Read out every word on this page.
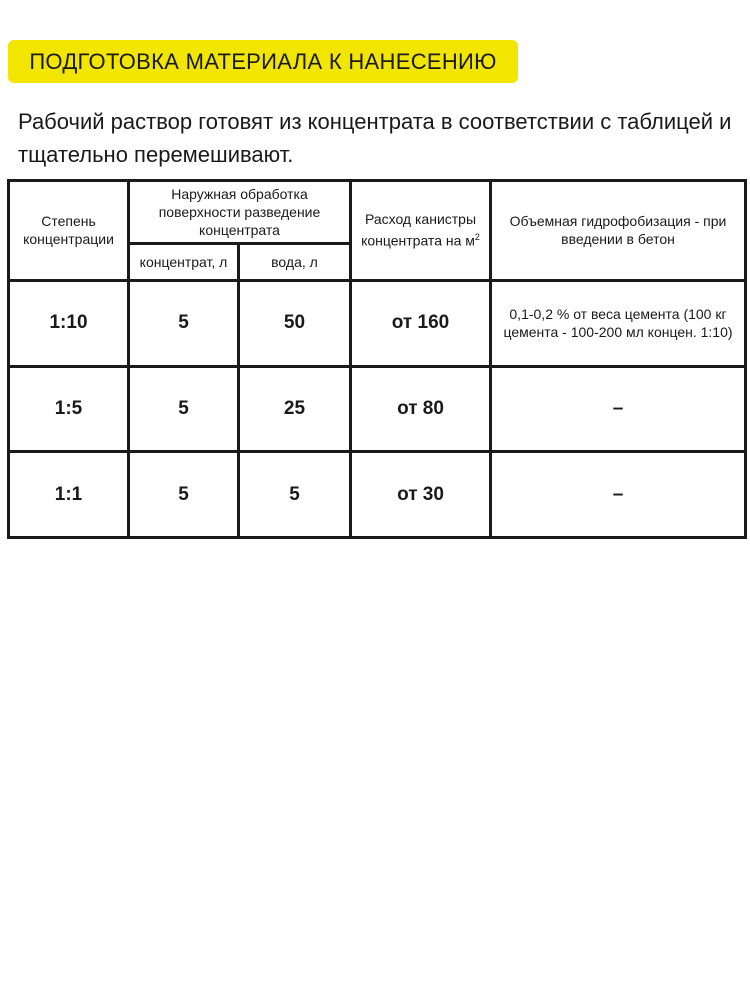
ПОДГОТОВКА МАТЕРИАЛА К НАНЕСЕНИЮ
Рабочий раствор готовят из концентрата в соответствии с таблицей и тщательно перемешивают.
Степень концентрации	Наружная обработка поверхности разведение концентрата		Расход канистры концентрата на $м^2$	Объемная гидрофобизация - при введении в бетон
	концентрат, л	вода, л		
1:10	5	50	от 160	0,1-0,2 % от веса цемента (100 кг цемента - 100-200 мл концен. 1:10)
1:5	5	25	от 80	–
1:1	5	5	от 30	–
